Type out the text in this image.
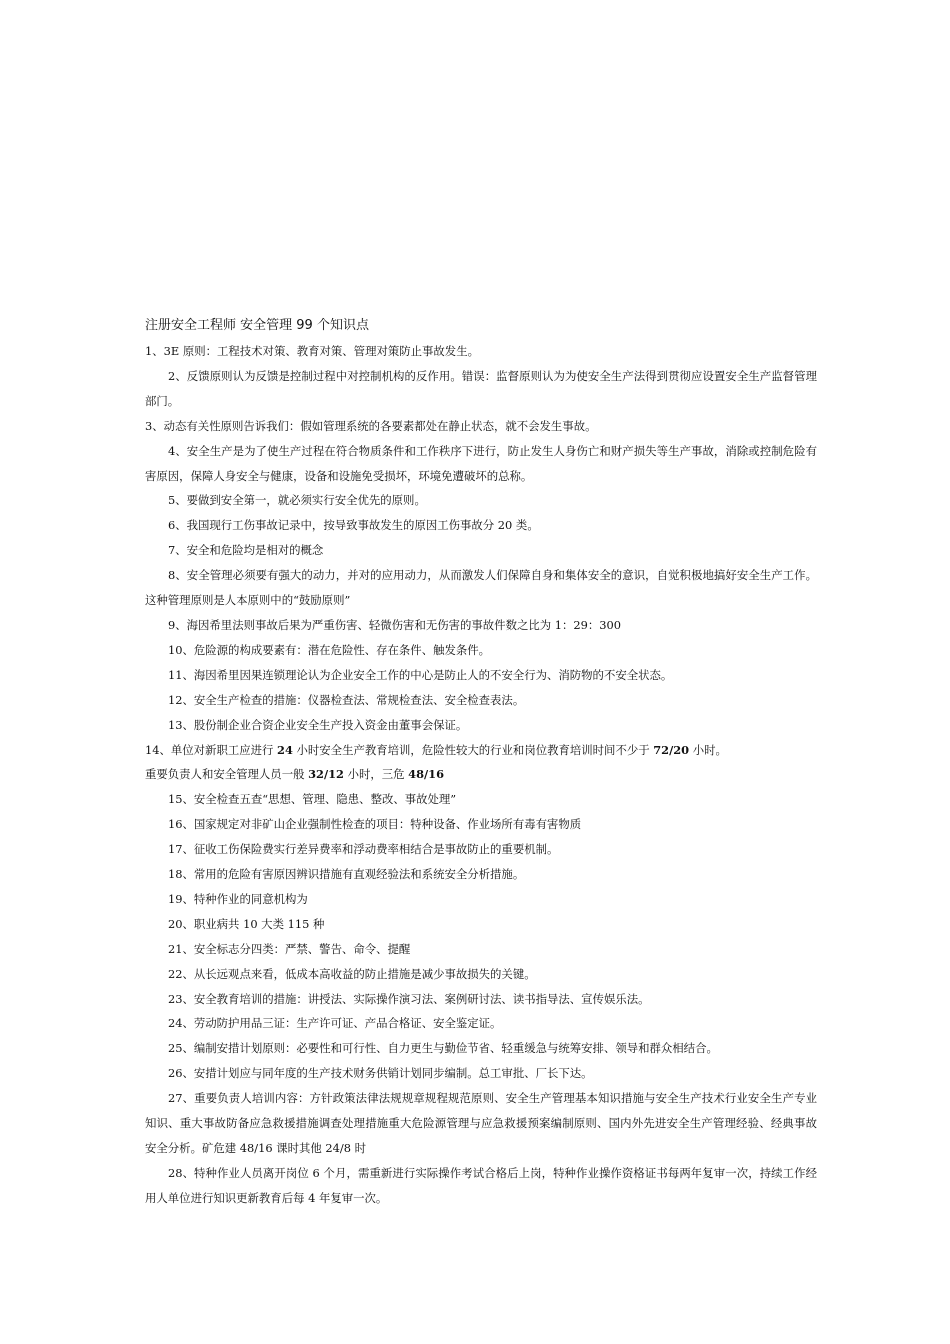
注册安全工程师 安全管理 99 个知识点

1、3E 原则：工程技术对策、教育对策、管理对策防止事故发生。

2、反馈原则认为反馈是控制过程中对控制机构的反作用。错误：监督原则认为为使安全生产法得到贯彻应设置安全生产监督管理部门。

3、动态有关性原则告诉我们：假如管理系统的各要素都处在静止状态，就不会发生事故。

4、安全生产是为了使生产过程在符合物质条件和工作秩序下进行，防止发生人身伤亡和财产损失等生产事故，消除或控制危险有害原因，保障人身安全与健康，设备和设施免受损坏，环境免遭破坏的总称。

5、要做到安全第一，就必须实行安全优先的原则。

6、我国现行工伤事故记录中，按导致事故发生的原因工伤事故分 20 类。

7、安全和危险均是相对的概念

8、安全管理必须要有强大的动力，并对的应用动力，从而激发人们保障自身和集体安全的意识，自觉积极地搞好安全生产工作。这种管理原则是人本原则中的“鼓励原则”

9、海因希里法则事故后果为严重伤害、轻微伤害和无伤害的事故件数之比为 1：29：300

10、危险源的构成要素有：潜在危险性、存在条件、触发条件。

11、海因希里因果连锁理论认为企业安全工作的中心是防止人的不安全行为、消防物的不安全状态。

12、安全生产检查的措施：仪器检查法、常规检查法、安全检查表法。

13、股份制企业合资企业安全生产投入资金由董事会保证。

14、单位对新职工应进行 24 小时安全生产教育培训，危险性较大的行业和岗位教育培训时间不少于 72/20 小时。

重要负责人和安全管理人员一般 32/12 小时，三危 48/16

15、安全检查五查“思想、管理、隐患、整改、事故处理”

16、国家规定对非矿山企业强制性检查的项目：特种设备、作业场所有毒有害物质

17、征收工伤保险费实行差异费率和浮动费率相结合是事故防止的重要机制。

18、常用的危险有害原因辨识措施有直观经验法和系统安全分析措施。

19、特种作业的同意机构为

20、职业病共 10 大类 115 种

21、安全标志分四类：严禁、警告、命令、提醒

22、从长远观点来看，低成本高收益的防止措施是减少事故损失的关键。

23、安全教育培训的措施：讲授法、实际操作演习法、案例研讨法、读书指导法、宣传娱乐法。

24、劳动防护用品三证：生产许可证、产品合格证、安全鉴定证。

25、编制安措计划原则：必要性和可行性、自力更生与勤俭节省、轻重缓急与统筹安排、领导和群众相结合。

26、安措计划应与同年度的生产技术财务供销计划同步编制。总工审批、厂长下达。

27、重要负责人培训内容：方针政策法律法规规章规程规范原则、安全生产管理基本知识措施与安全生产技术行业安全生产专业知识、重大事故防备应急救援措施调查处理措施重大危险源管理与应急救援预案编制原则、国内外先进安全生产管理经验、经典事故安全分析。矿危建 48/16 课时其他 24/8 时

28、特种作业人员离开岗位 6 个月，需重新进行实际操作考试合格后上岗，特种作业操作资格证书每两年复审一次，持续工作经用人单位进行知识更新教育后每 4 年复审一次。
